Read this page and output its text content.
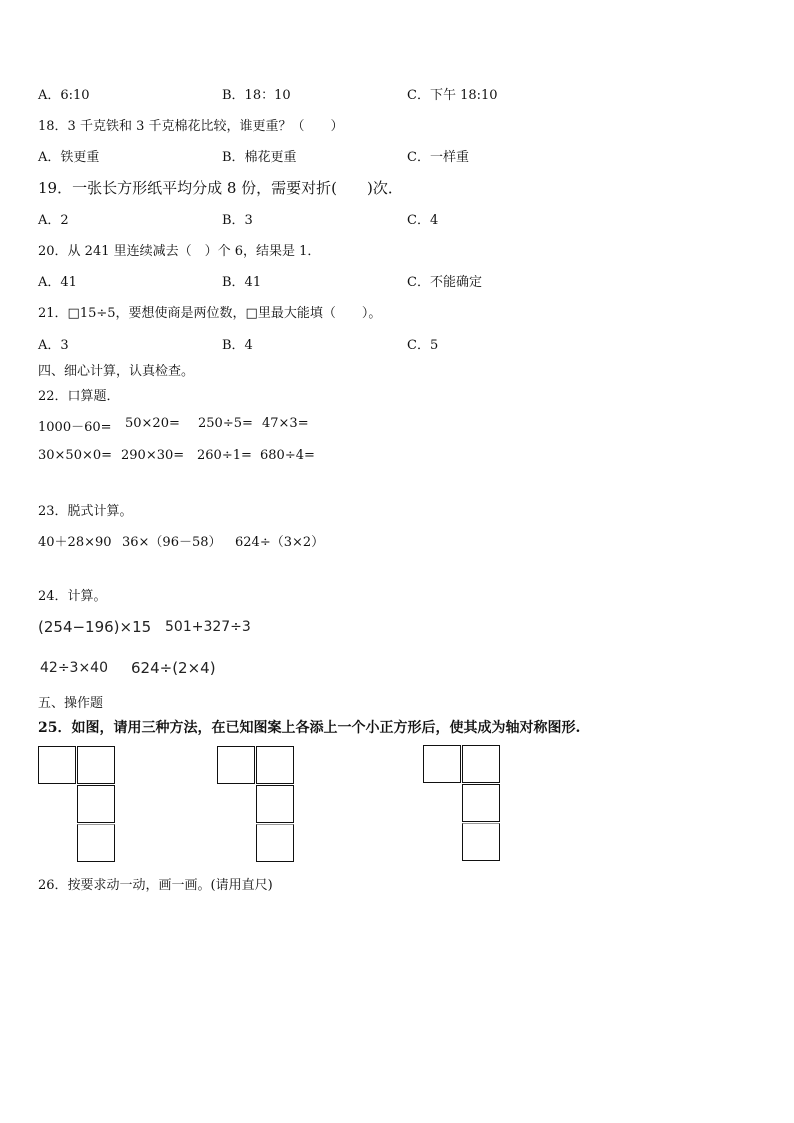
A．6:10	B．18：10	C．下午 18:10
18．3 千克铁和 3 千克棉花比较，谁更重？（　　）
A．铁更重	B．棉花更重	C．一样重
19．一张长方形纸平均分成 8 份，需要对折(　　)次．
A．2	B．3	C．4
20．从 241 里连续减去（　）个 6，结果是 1．
A．41	B．41	C．不能确定
21．□15÷5，要想使商是两位数，□里最大能填（　　）。
A．3	B．4	C．5
四、细心计算，认真检查。
22．口算题．
1000－60= 50×20= 250÷5= 47×3=
30×50×0= 290×30= 260÷1= 680÷4=
23．脱式计算。
40＋28×90 36×（96－58） 624÷（3×2）
24．计算。
(254−196)×15 501+327÷3
42÷3×40 624÷(2×4)
五、操作题
25．如图，请用三种方法，在已知图案上各添上一个小正方形后，使其成为轴对称图形.
26．按要求动一动，画一画。(请用直尺)
